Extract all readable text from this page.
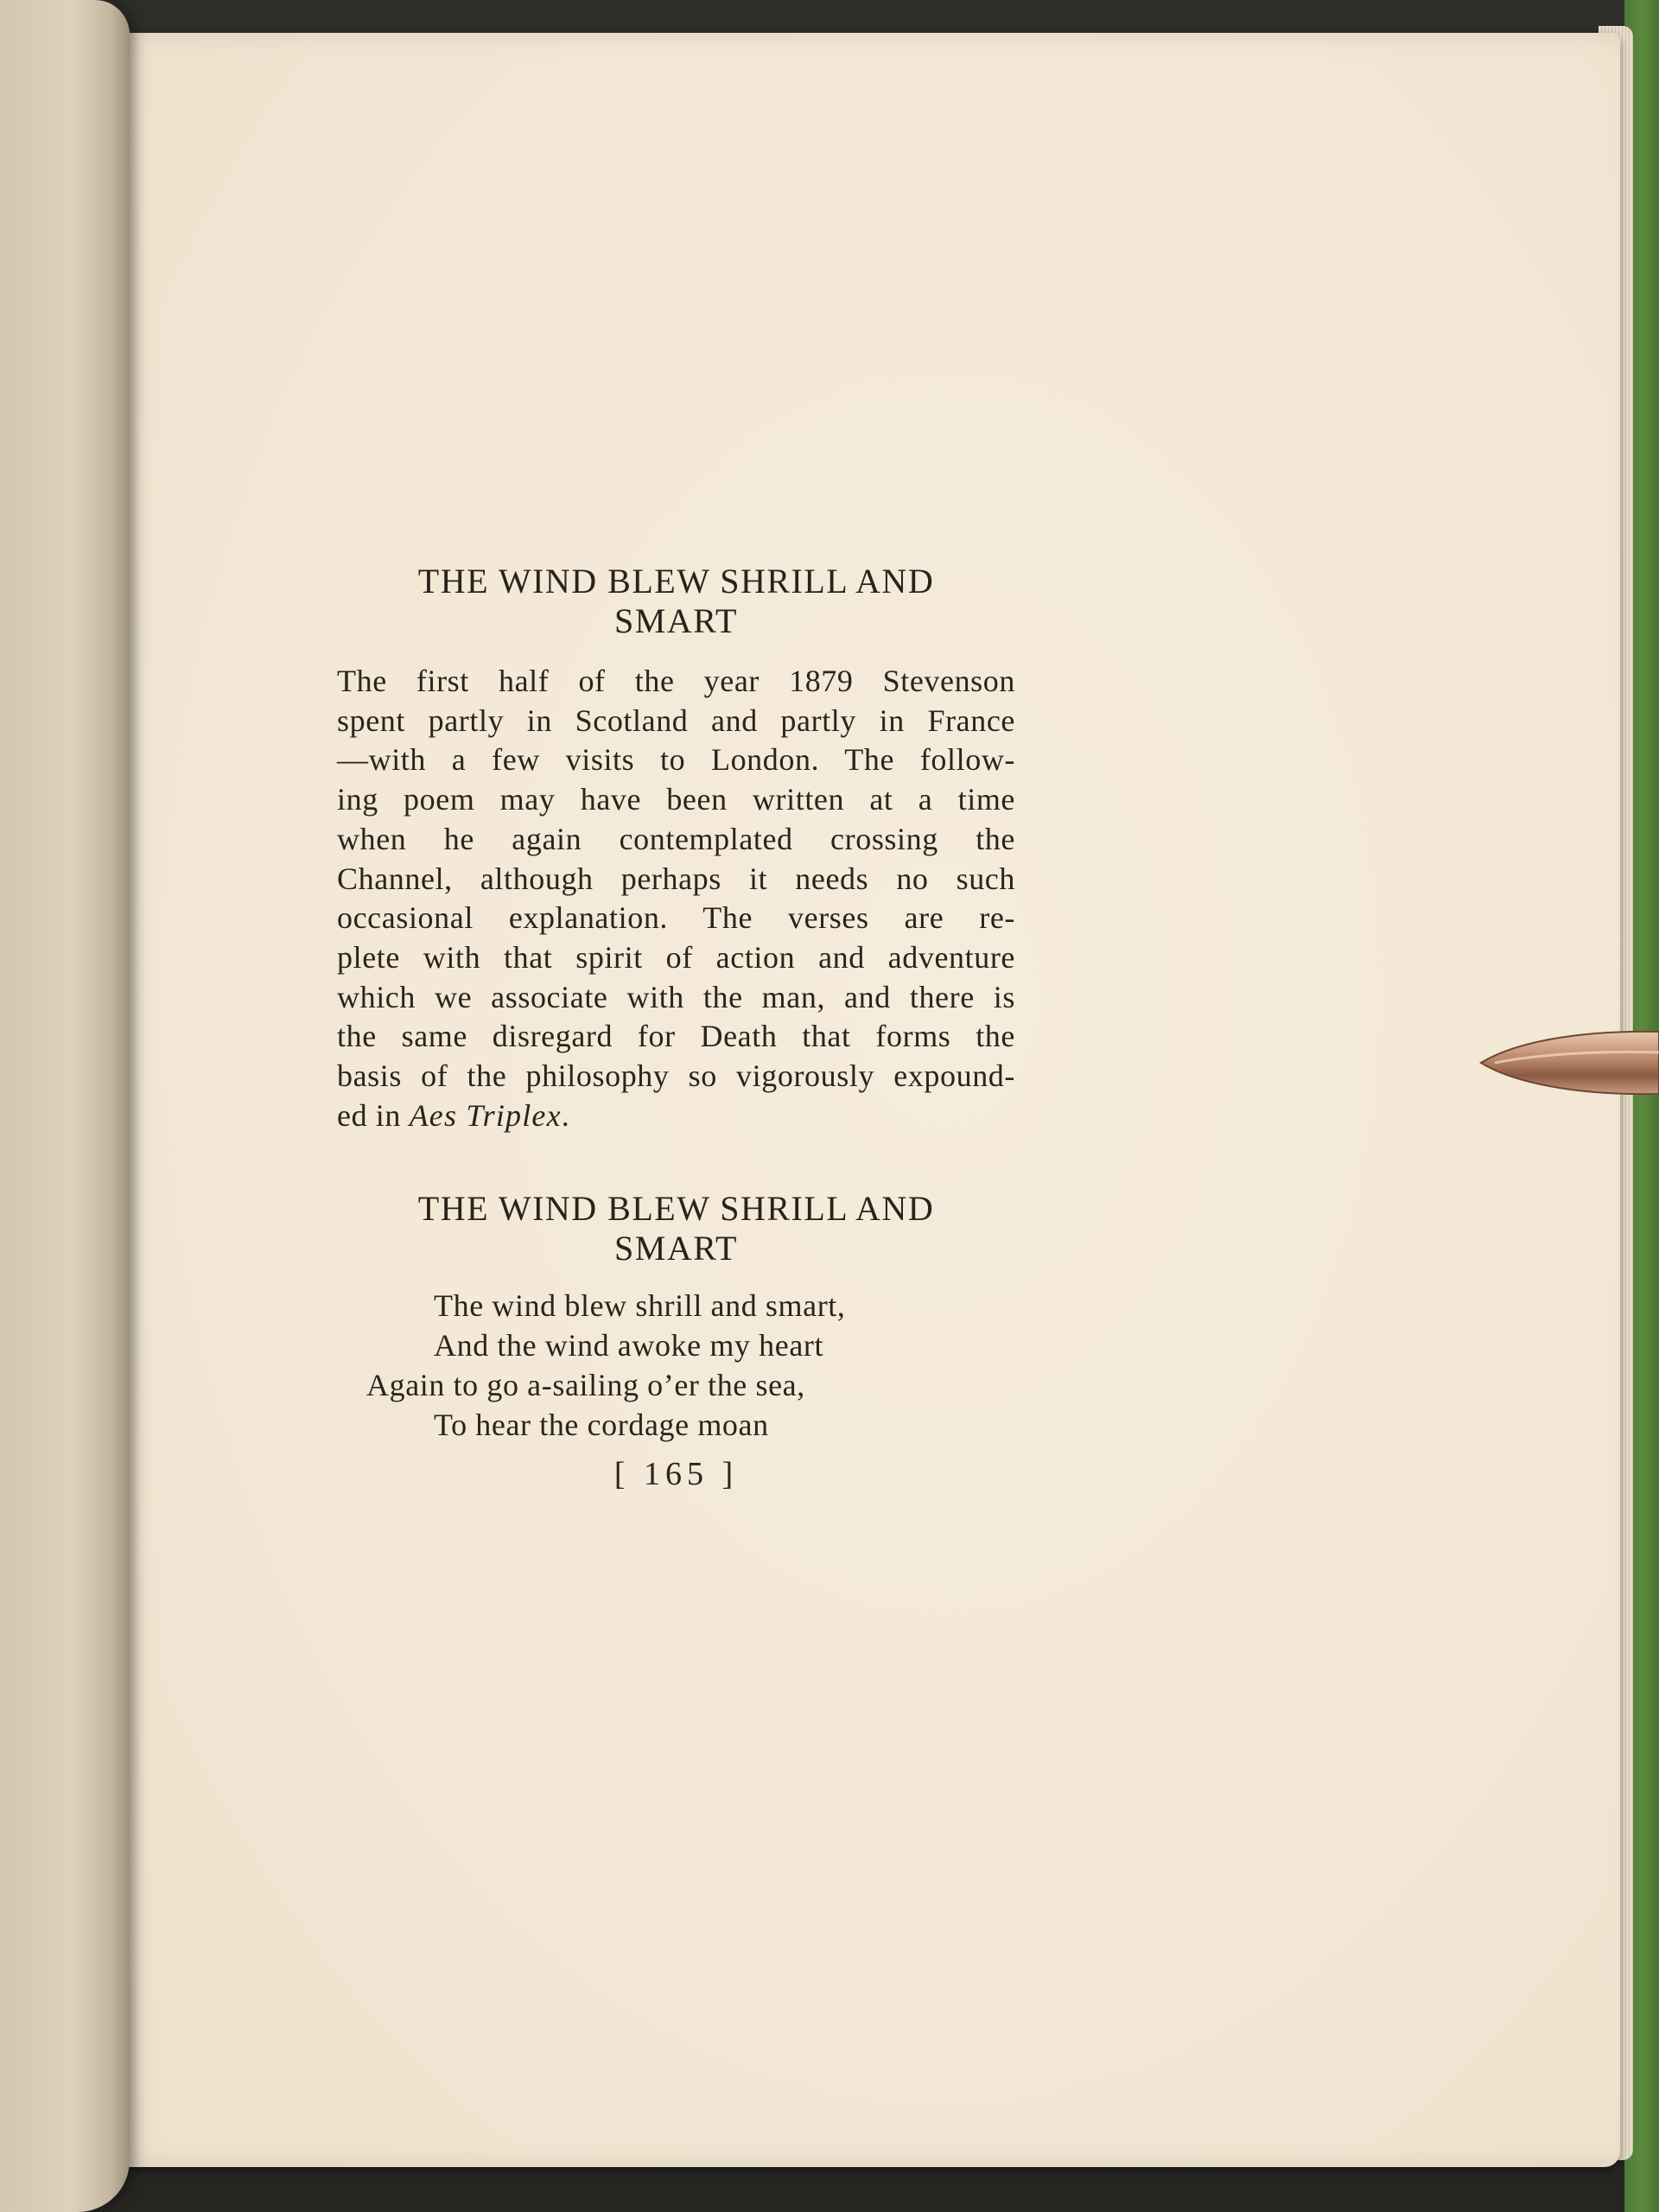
THE WIND BLEW SHRILL AND
SMART

The first half of the year 1879 Stevenson
spent partly in Scotland and partly in France
—with a few visits to London. The follow-
ing poem may have been written at a time
when he again contemplated crossing the
Channel, although perhaps it needs no such
occasional explanation. The verses are re-
plete with that spirit of action and adventure
which we associate with the man, and there is
the same disregard for Death that forms the
basis of the philosophy so vigorously expound-
ed in Aes Triplex.

THE WIND BLEW SHRILL AND
SMART
The wind blew shrill and smart,
And the wind awoke my heart
Again to go a-sailing o’er the sea,
To hear the cordage moan
[ 165 ]
